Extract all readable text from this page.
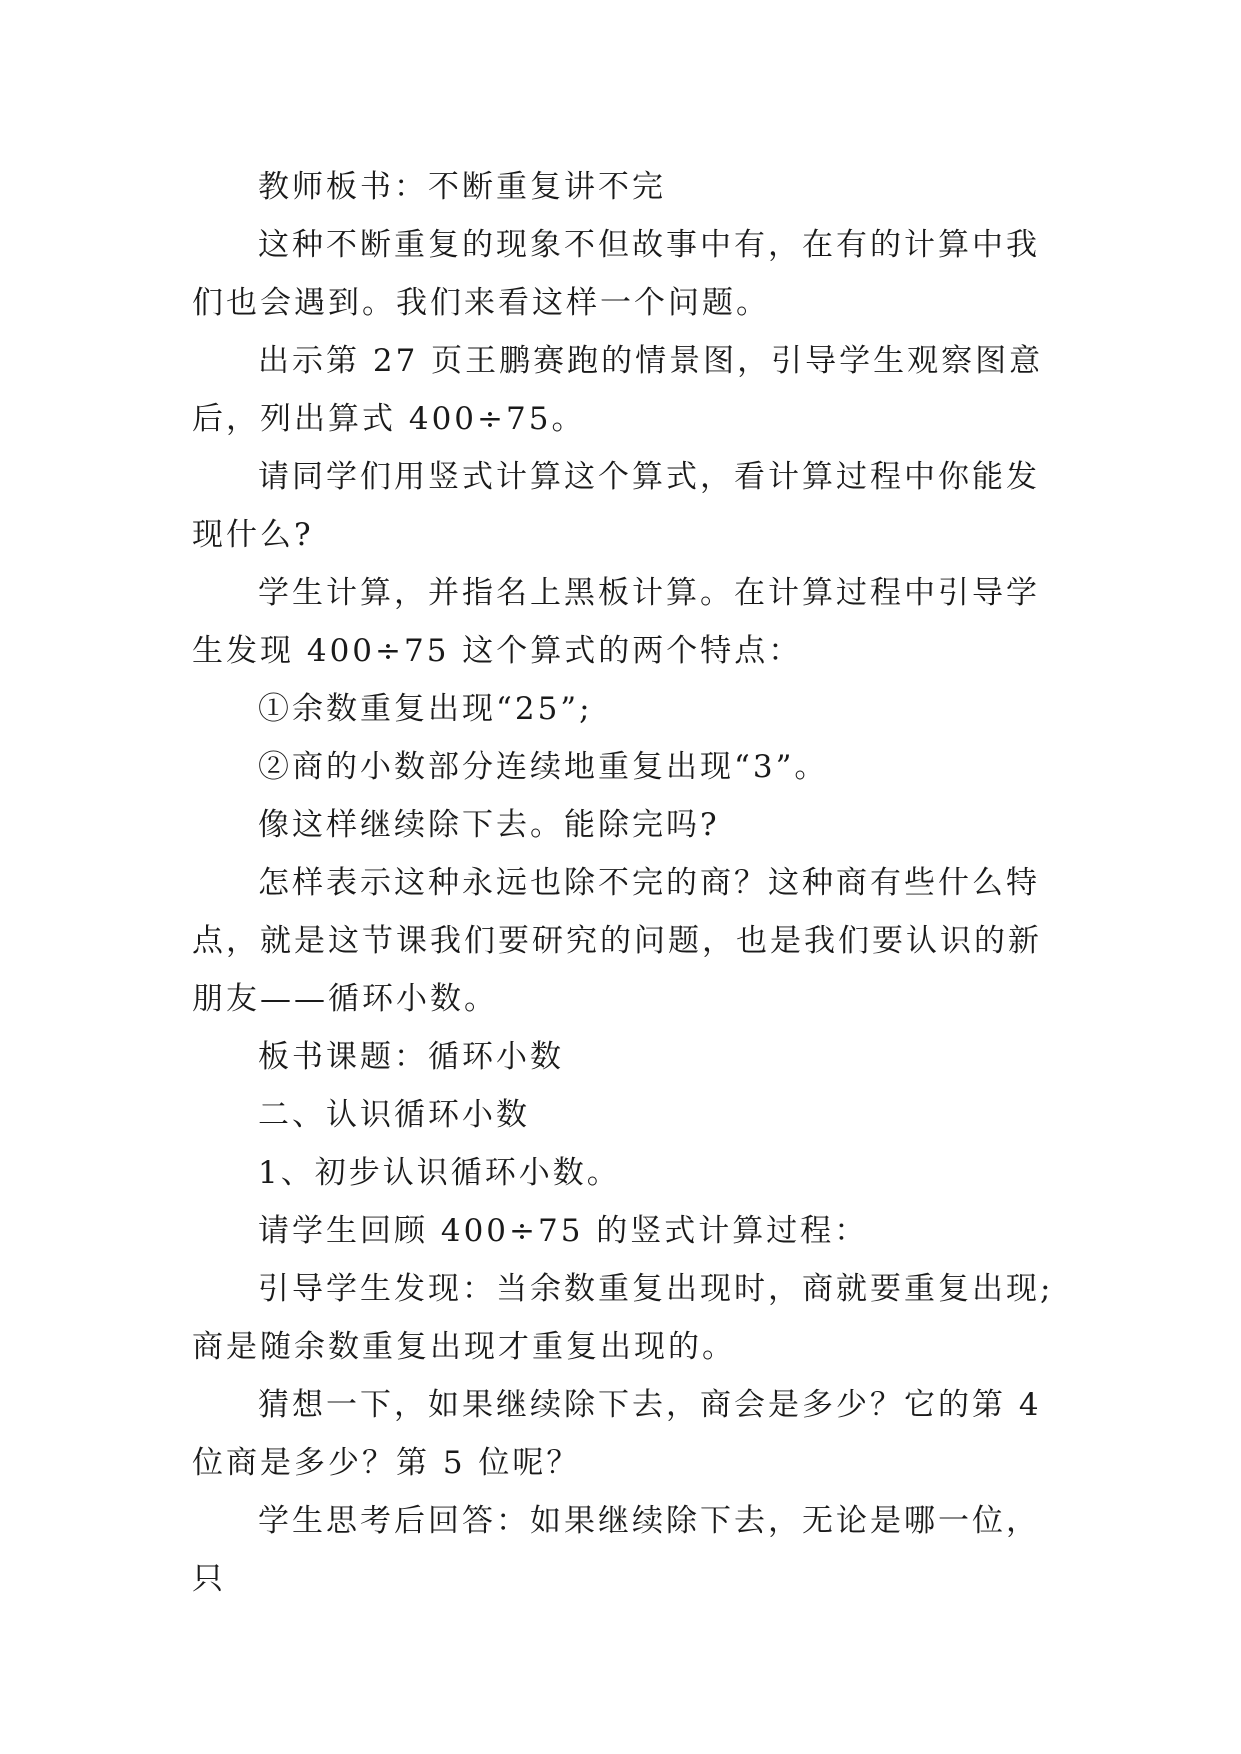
教师板书：不断重复讲不完

这种不断重复的现象不但故事中有，在有的计算中我们也会遇到。我们来看这样一个问题。

出示第 27 页王鹏赛跑的情景图，引导学生观察图意后，列出算式 400÷75。

请同学们用竖式计算这个算式，看计算过程中你能发现什么?

学生计算，并指名上黑板计算。在计算过程中引导学生发现 400÷75 这个算式的两个特点：

①余数重复出现“25”;

②商的小数部分连续地重复出现“3”。

像这样继续除下去。能除完吗?

怎样表示这种永远也除不完的商？这种商有些什么特点，就是这节课我们要研究的问题，也是我们要认识的新朋友——循环小数。

板书课题：循环小数

二、认识循环小数

1、初步认识循环小数。

请学生回顾 400÷75 的竖式计算过程：

引导学生发现：当余数重复出现时，商就要重复出现;商是随余数重复出现才重复出现的。

猜想一下，如果继续除下去，商会是多少？它的第 4 位商是多少？第 5 位呢？

学生思考后回答：如果继续除下去，无论是哪一位，只
